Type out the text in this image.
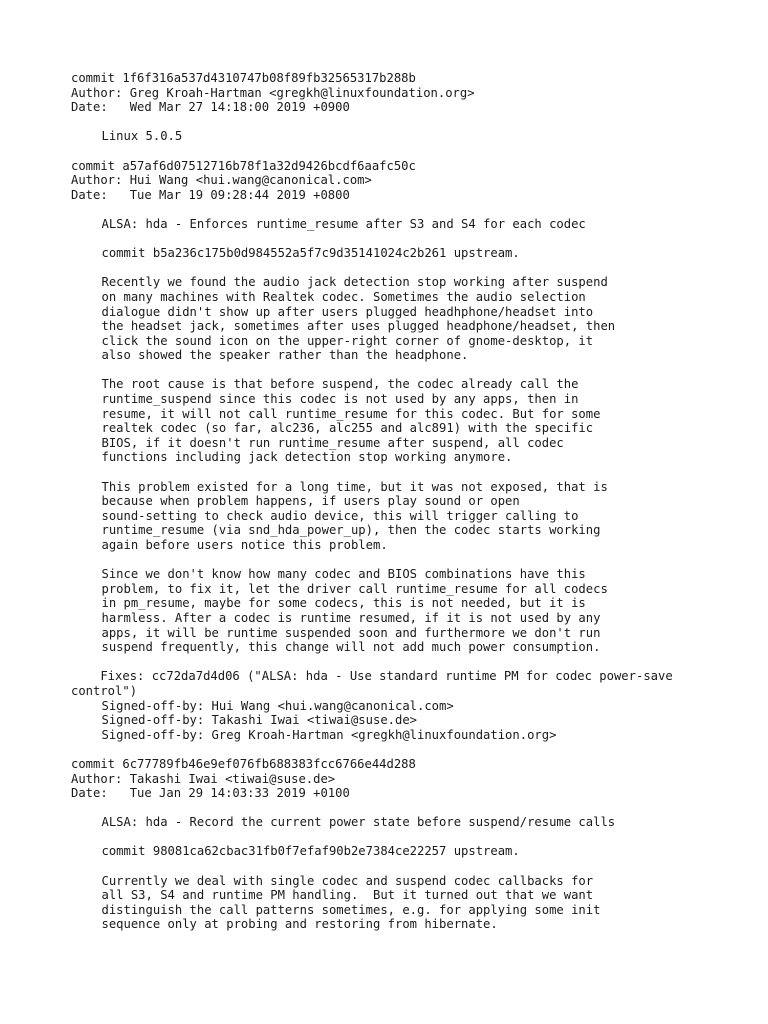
commit 1f6f316a537d4310747b08f89fb32565317b288b
Author: Greg Kroah-Hartman <gregkh@linuxfoundation.org>
Date:   Wed Mar 27 14:18:00 2019 +0900
Linux 5.0.5
commit a57af6d07512716b78f1a32d9426bcdf6aafc50c
Author: Hui Wang <hui.wang@canonical.com>
Date:   Tue Mar 19 09:28:44 2019 +0800
ALSA: hda - Enforces runtime_resume after S3 and S4 for each codec
commit b5a236c175b0d984552a5f7c9d35141024c2b261 upstream.
Recently we found the audio jack detection stop working after suspend
on many machines with Realtek codec. Sometimes the audio selection
dialogue didn't show up after users plugged headhphone/headset into
the headset jack, sometimes after uses plugged headphone/headset, then
click the sound icon on the upper-right corner of gnome-desktop, it
also showed the speaker rather than the headphone.
The root cause is that before suspend, the codec already call the
runtime_suspend since this codec is not used by any apps, then in
resume, it will not call runtime_resume for this codec. But for some
realtek codec (so far, alc236, alc255 and alc891) with the specific
BIOS, if it doesn't run runtime_resume after suspend, all codec
functions including jack detection stop working anymore.
This problem existed for a long time, but it was not exposed, that is
because when problem happens, if users play sound or open
sound-setting to check audio device, this will trigger calling to
runtime_resume (via snd_hda_power_up), then the codec starts working
again before users notice this problem.
Since we don't know how many codec and BIOS combinations have this
problem, to fix it, let the driver call runtime_resume for all codecs
in pm_resume, maybe for some codecs, this is not needed, but it is
harmless. After a codec is runtime resumed, if it is not used by any
apps, it will be runtime suspended soon and furthermore we don't run
suspend frequently, this change will not add much power consumption.
Fixes: cc72da7d4d06 ("ALSA: hda - Use standard runtime PM for codec power-save
control")
Signed-off-by: Hui Wang <hui.wang@canonical.com>
Signed-off-by: Takashi Iwai <tiwai@suse.de>
Signed-off-by: Greg Kroah-Hartman <gregkh@linuxfoundation.org>
commit 6c77789fb46e9ef076fb688383fcc6766e44d288
Author: Takashi Iwai <tiwai@suse.de>
Date:   Tue Jan 29 14:03:33 2019 +0100
ALSA: hda - Record the current power state before suspend/resume calls
commit 98081ca62cbac31fb0f7efaf90b2e7384ce22257 upstream.
Currently we deal with single codec and suspend codec callbacks for
all S3, S4 and runtime PM handling.  But it turned out that we want
distinguish the call patterns sometimes, e.g. for applying some init
sequence only at probing and restoring from hibernate.
